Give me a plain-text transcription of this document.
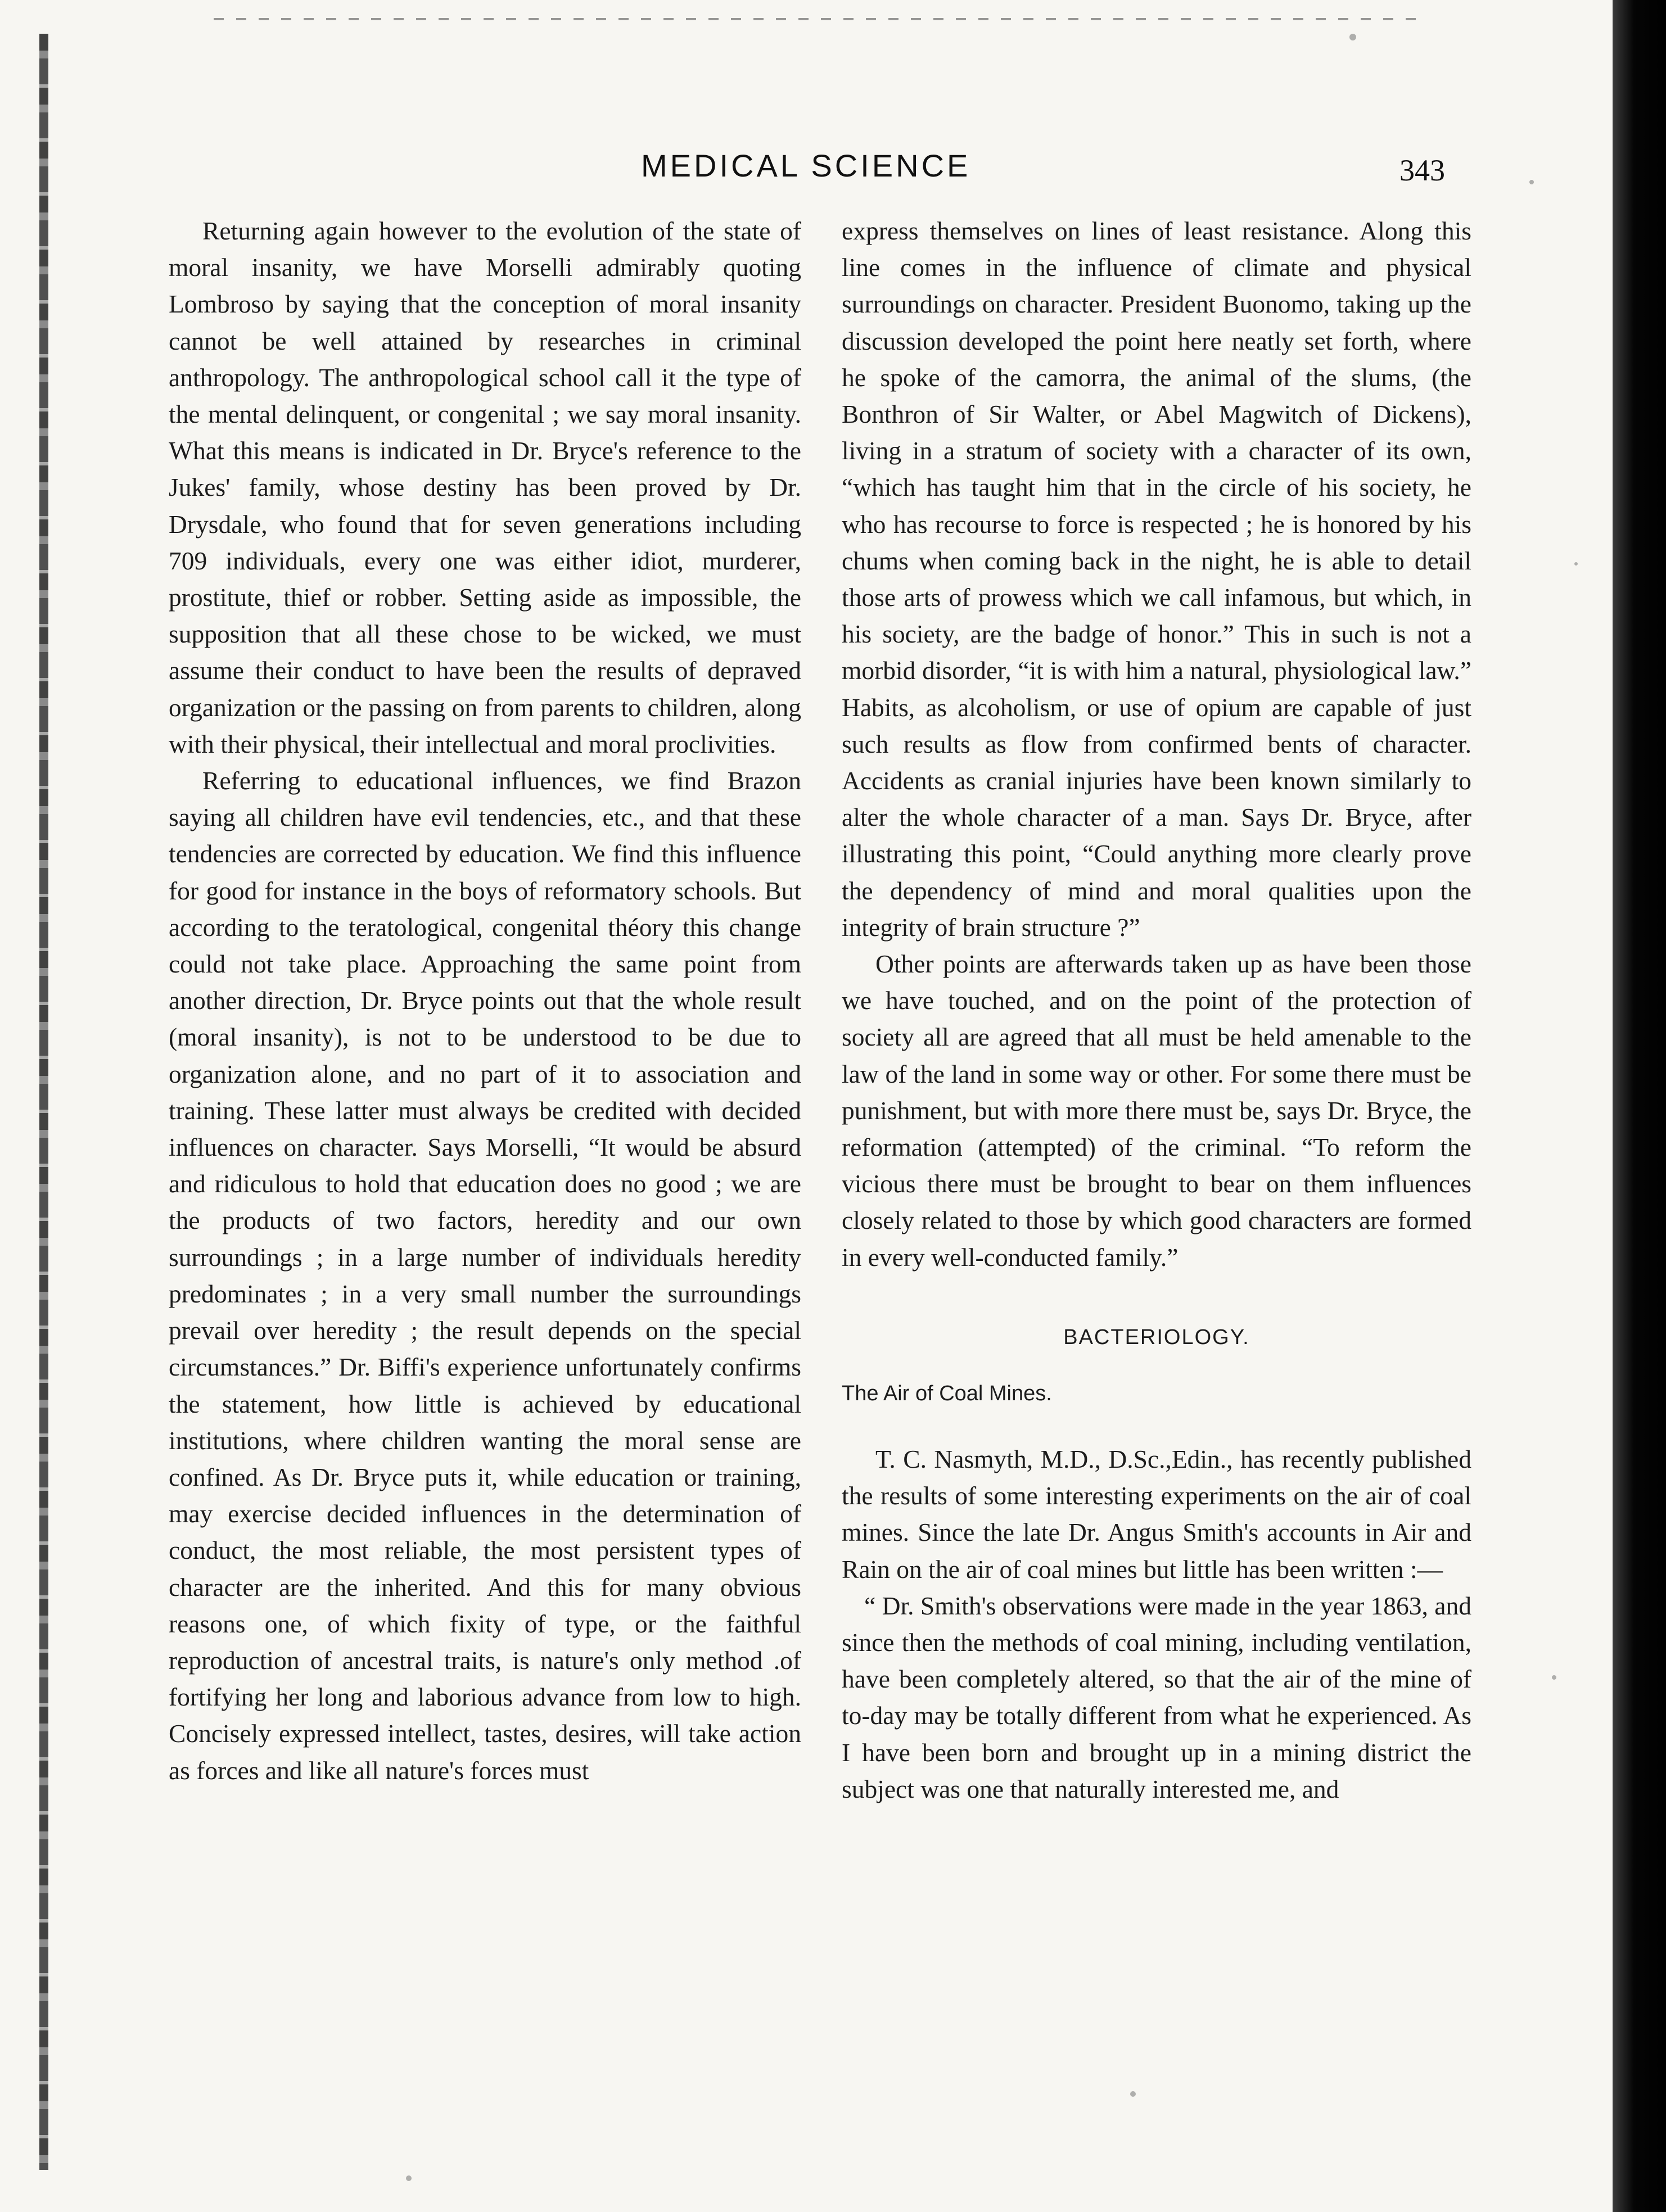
MEDICAL SCIENCE	343

Returning again however to the evolution of the state of moral insanity, we have Morselli admirably quoting Lombroso by saying that the conception of moral insanity cannot be well attained by researches in criminal anthropology. The anthropological school call it the type of the mental delinquent, or congenital ; we say moral insanity. What this means is indicated in Dr. Bryce's reference to the Jukes' family, whose destiny has been proved by Dr. Drysdale, who found that for seven generations including 709 individuals, every one was either idiot, murderer, prostitute, thief or robber. Setting aside as impossible, the supposition that all these chose to be wicked, we must assume their conduct to have been the results of depraved organization or the passing on from parents to children, along with their physical, their intellectual and moral proclivities.

Referring to educational influences, we find Brazon saying all children have evil tendencies, etc., and that these tendencies are corrected by education. We find this influence for good for instance in the boys of reformatory schools. But according to the teratological, congenital théory this change could not take place. Approaching the same point from another direction, Dr. Bryce points out that the whole result (moral insanity), is not to be understood to be due to organization alone, and no part of it to association and training. These latter must always be credited with decided influences on character. Says Morselli, “It would be absurd and ridiculous to hold that education does no good ; we are the products of two factors, heredity and our own surroundings ; in a large number of individuals heredity predominates ; in a very small number the surroundings prevail over heredity ; the result depends on the special circumstances.” Dr. Biffi's experience unfortunately confirms the statement, how little is achieved by educational institutions, where children wanting the moral sense are confined. As Dr. Bryce puts it, while education or training, may exercise decided influences in the determination of conduct, the most reliable, the most persistent types of character are the inherited. And this for many obvious reasons one, of which fixity of type, or the faithful reproduction of ancestral traits, is nature's only method .of fortifying her long and laborious advance from low to high. Concisely expressed intellect, tastes, desires, will take action as forces and like all nature's forces must

express themselves on lines of least resistance. Along this line comes in the influence of climate and physical surroundings on character. President Buonomo, taking up the discussion developed the point here neatly set forth, where he spoke of the camorra, the animal of the slums, (the Bonthron of Sir Walter, or Abel Magwitch of Dickens), living in a stratum of society with a character of its own, “which has taught him that in the circle of his society, he who has recourse to force is respected ; he is honored by his chums when coming back in the night, he is able to detail those arts of prowess which we call infamous, but which, in his society, are the badge of honor.” This in such is not a morbid disorder, “it is with him a natural, physiological law.” Habits, as alcoholism, or use of opium are capable of just such results as flow from confirmed bents of character. Accidents as cranial injuries have been known similarly to alter the whole character of a man. Says Dr. Bryce, after illustrating this point, “Could anything more clearly prove the dependency of mind and moral qualities upon the integrity of brain structure ?”

Other points are afterwards taken up as have been those we have touched, and on the point of the protection of society all are agreed that all must be held amenable to the law of the land in some way or other. For some there must be punishment, but with more there must be, says Dr. Bryce, the reformation (attempted) of the criminal. “To reform the vicious there must be brought to bear on them influences closely related to those by which good characters are formed in every well-conducted family.”

BACTERIOLOGY.
The Air of Coal Mines.

T. C. Nasmyth, M.D., D.Sc.,Edin., has recently published the results of some interesting experiments on the air of coal mines. Since the late Dr. Angus Smith's accounts in Air and Rain on the air of coal mines but little has been written :—

“ Dr. Smith's observations were made in the year 1863, and since then the methods of coal mining, including ventilation, have been completely altered, so that the air of the mine of to-day may be totally different from what he experienced. As I have been born and brought up in a mining district the subject was one that naturally interested me, and
